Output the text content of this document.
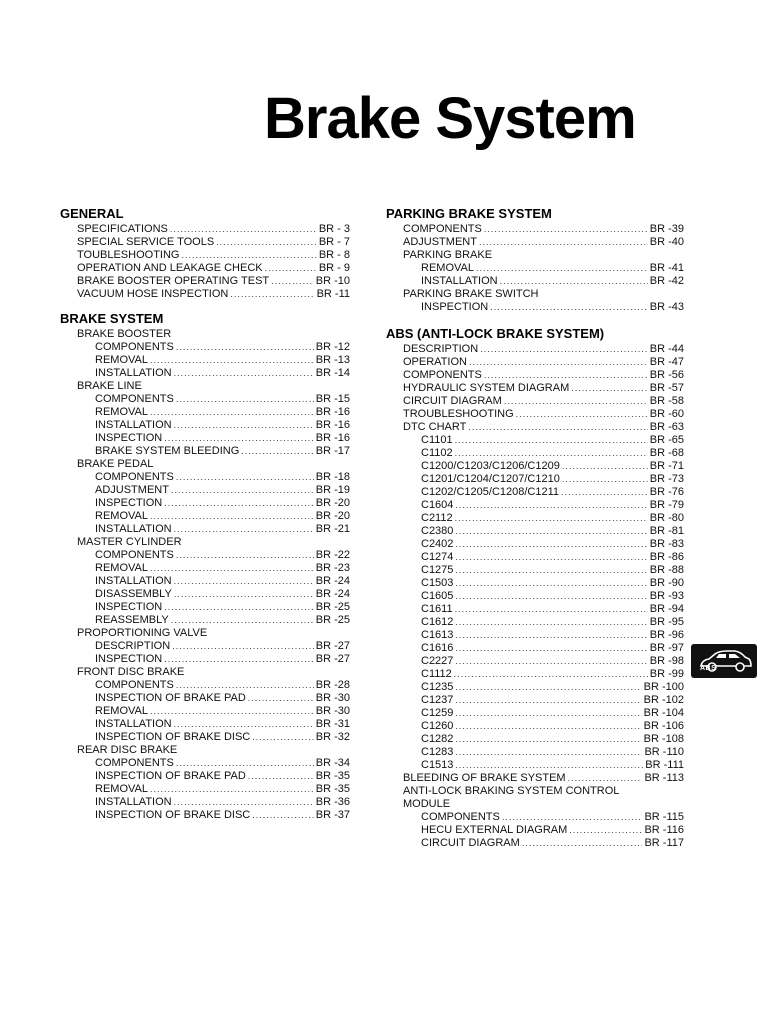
Brake System
GENERAL
SPECIFICATIONS .....	BR - 3
SPECIAL SERVICE TOOLS .....	BR - 7
TOUBLESHOOTING .....	BR - 8
OPERATION AND LEAKAGE CHECK .....	BR - 9
BRAKE BOOSTER OPERATING TEST .....	BR -10
VACUUM HOSE INSPECTION .....	BR -11
BRAKE SYSTEM
BRAKE BOOSTER
COMPONENTS .....	BR -12
REMOVAL .....	BR -13
INSTALLATION .....	BR -14
BRAKE LINE
COMPONENTS .....	BR -15
REMOVAL .....	BR -16
INSTALLATION .....	BR -16
INSPECTION .....	BR -16
BRAKE SYSTEM BLEEDING .....	BR -17
BRAKE PEDAL
COMPONENTS .....	BR -18
ADJUSTMENT .....	BR -19
INSPECTION .....	BR -20
REMOVAL .....	BR -20
INSTALLATION .....	BR -21
MASTER CYLINDER
COMPONENTS .....	BR -22
REMOVAL .....	BR -23
INSTALLATION .....	BR -24
DISASSEMBLY .....	BR -24
INSPECTION .....	BR -25
REASSEMBLY .....	BR -25
PROPORTIONING VALVE
DESCRIPTION .....	BR -27
INSPECTION .....	BR -27
FRONT DISC BRAKE
COMPONENTS .....	BR -28
INSPECTION OF BRAKE PAD .....	BR -30
REMOVAL .....	BR -30
INSTALLATION .....	BR -31
INSPECTION OF BRAKE DISC .....	BR -32
REAR DISC BRAKE
COMPONENTS .....	BR -34
INSPECTION OF BRAKE PAD .....	BR -35
REMOVAL .....	BR -35
INSTALLATION .....	BR -36
INSPECTION OF BRAKE DISC .....	BR -37
PARKING BRAKE SYSTEM
COMPONENTS .....	BR -39
ADJUSTMENT .....	BR -40
PARKING BRAKE
REMOVAL .....	BR -41
INSTALLATION .....	BR -42
PARKING BRAKE SWITCH
INSPECTION .....	BR -43
ABS (ANTI-LOCK BRAKE SYSTEM)
DESCRIPTION .....	BR -44
OPERATION .....	BR -47
COMPONENTS .....	BR -56
HYDRAULIC SYSTEM DIAGRAM .....	BR -57
CIRCUIT DIAGRAM .....	BR -58
TROUBLESHOOTING .....	BR -60
DTC CHART .....	BR -63
C1101 .....	BR -65
C1102 .....	BR -68
C1200/C1203/C1206/C1209 .....	BR -71
C1201/C1204/C1207/C1210 .....	BR -73
C1202/C1205/C1208/C1211 .....	BR -76
C1604 .....	BR -79
C2112 .....	BR -80
C2380 .....	BR -81
C2402 .....	BR -83
C1274 .....	BR -86
C1275 .....	BR -88
C1503 .....	BR -90
C1605 .....	BR -93
C1611 .....	BR -94
C1612 .....	BR -95
C1613 .....	BR -96
C1616 .....	BR -97
C2227 .....	BR -98
C1112 .....	BR -99
C1235 .....	BR -100
C1237 .....	BR -102
C1259 .....	BR -104
C1260 .....	BR -106
C1282 .....	BR -108
C1283 .....	BR -110
C1513 .....	BR -111
BLEEDING OF BRAKE SYSTEM .....	BR -113
ANTI-LOCK BRAKING SYSTEM CONTROL
MODULE
COMPONENTS .....	BR -115
HECU EXTERNAL DIAGRAM .....	BR -116
CIRCUIT DIAGRAM .....	BR -117
ABS
